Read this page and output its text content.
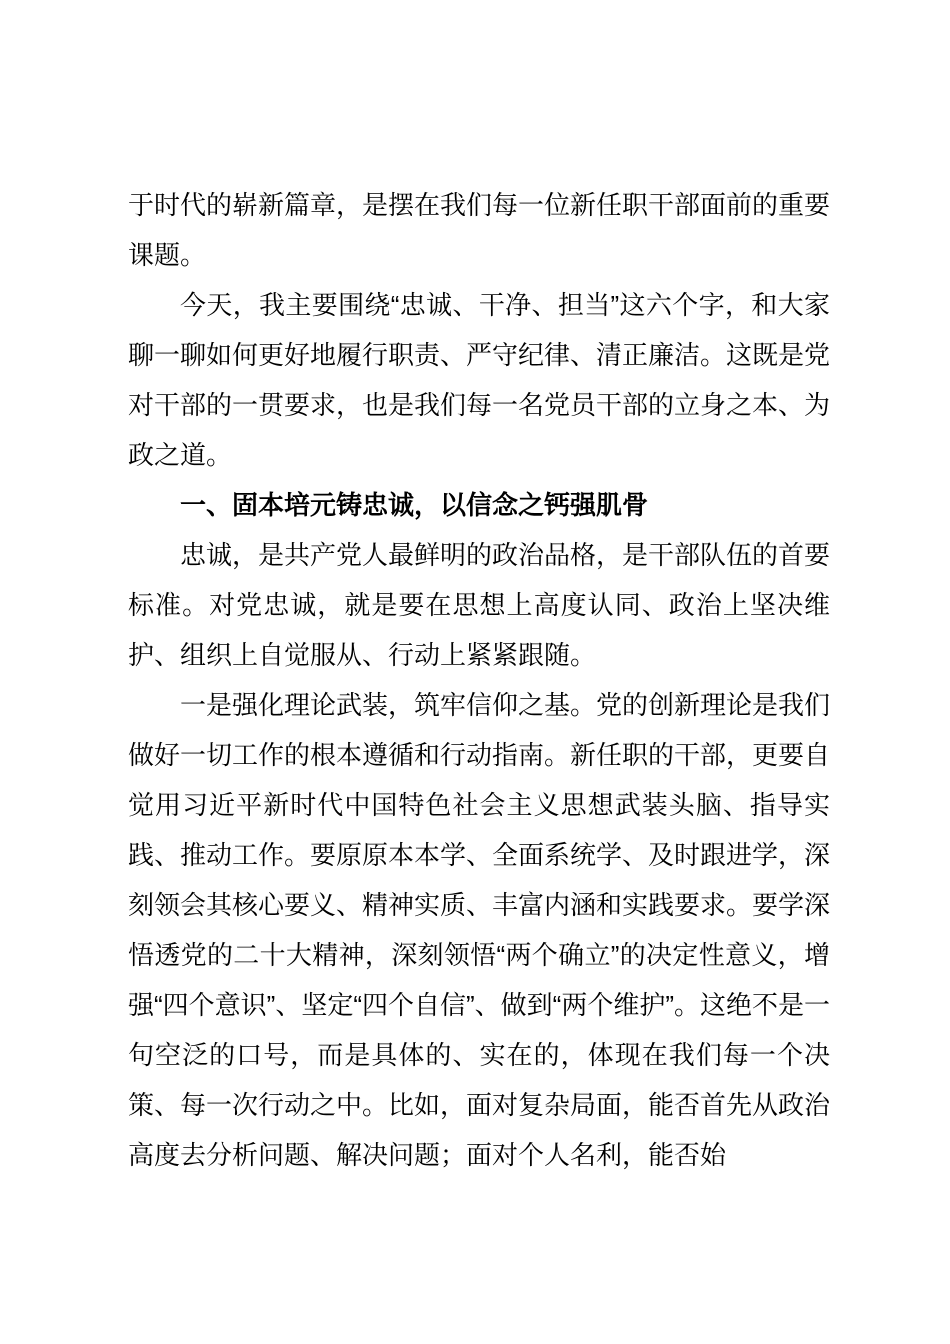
于时代的崭新篇章，是摆在我们每一位新任职干部面前的重要课题。

今天，我主要围绕“忠诚、干净、担当”这六个字，和大家聊一聊如何更好地履行职责、严守纪律、清正廉洁。这既是党对干部的一贯要求，也是我们每一名党员干部的立身之本、为政之道。

一、固本培元铸忠诚，以信念之钙强肌骨

忠诚，是共产党人最鲜明的政治品格，是干部队伍的首要标准。对党忠诚，就是要在思想上高度认同、政治上坚决维护、组织上自觉服从、行动上紧紧跟随。

一是强化理论武装，筑牢信仰之基。党的创新理论是我们做好一切工作的根本遵循和行动指南。新任职的干部，更要自觉用习近平新时代中国特色社会主义思想武装头脑、指导实践、推动工作。要原原本本学、全面系统学、及时跟进学，深刻领会其核心要义、精神实质、丰富内涵和实践要求。要学深悟透党的二十大精神，深刻领悟“两个确立”的决定性意义，增强“四个意识”、坚定“四个自信”、做到“两个维护”。这绝不是一句空泛的口号，而是具体的、实在的，体现在我们每一个决策、每一次行动之中。比如，面对复杂局面，能否首先从政治高度去分析问题、解决问题；面对个人名利，能否始
